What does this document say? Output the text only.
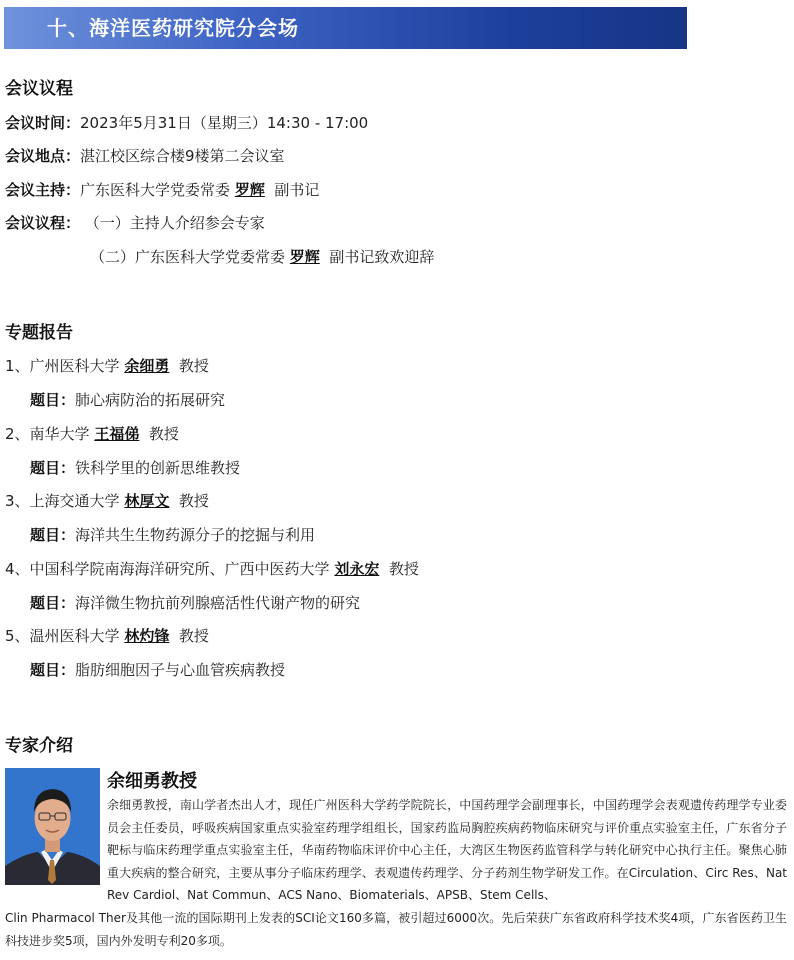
十、海洋医药研究院分会场
会议议程
会议时间：2023年5月31日（星期三）14:30 - 17:00
会议地点：湛江校区综合楼9楼第二会议室
会议主持：广东医科大学党委常委 罗辉 副书记
会议议程： （一）主持人介绍参会专家
（二）广东医科大学党委常委 罗辉 副书记致欢迎辞
专题报告
1、广州医科大学 余细勇 教授
题目：肺心病防治的拓展研究
2、南华大学 王福俤 教授
题目：铁科学里的创新思维教授
3、上海交通大学 林厚文 教授
题目：海洋共生生物药源分子的挖掘与利用
4、中国科学院南海海洋研究所、广西中医药大学 刘永宏 教授
题目：海洋微生物抗前列腺癌活性代谢产物的研究
5、温州医科大学 林灼锋 教授
题目：脂肪细胞因子与心血管疾病教授
专家介绍
余细勇教授
余细勇教授，南山学者杰出人才，现任广州医科大学药学院院长，中国药理学会副理事长，中国药理学会表观遗传药理学专业委员会主任委员，呼吸疾病国家重点实验室药理学组组长，国家药监局胸腔疾病药物临床研究与评价重点实验室主任，广东省分子靶标与临床药理学重点实验室主任，华南药物临床评价中心主任，大湾区生物医药监管科学与转化研究中心执行主任。聚焦心肺重大疾病的整合研究，主要从事分子临床药理学、表观遗传药理学、分子药剂生物学研发工作。在Circulation、Circ Res、Nat Rev Cardiol、Nat Commun、ACS Nano、Biomaterials、APSB、Stem Cells、
Clin Pharmacol Ther及其他一流的国际期刊上发表的SCI论文160多篇，被引超过6000次。先后荣获广东省政府科学技术奖4项，广东省医药卫生科技进步奖5项，国内外发明专利20多项。
